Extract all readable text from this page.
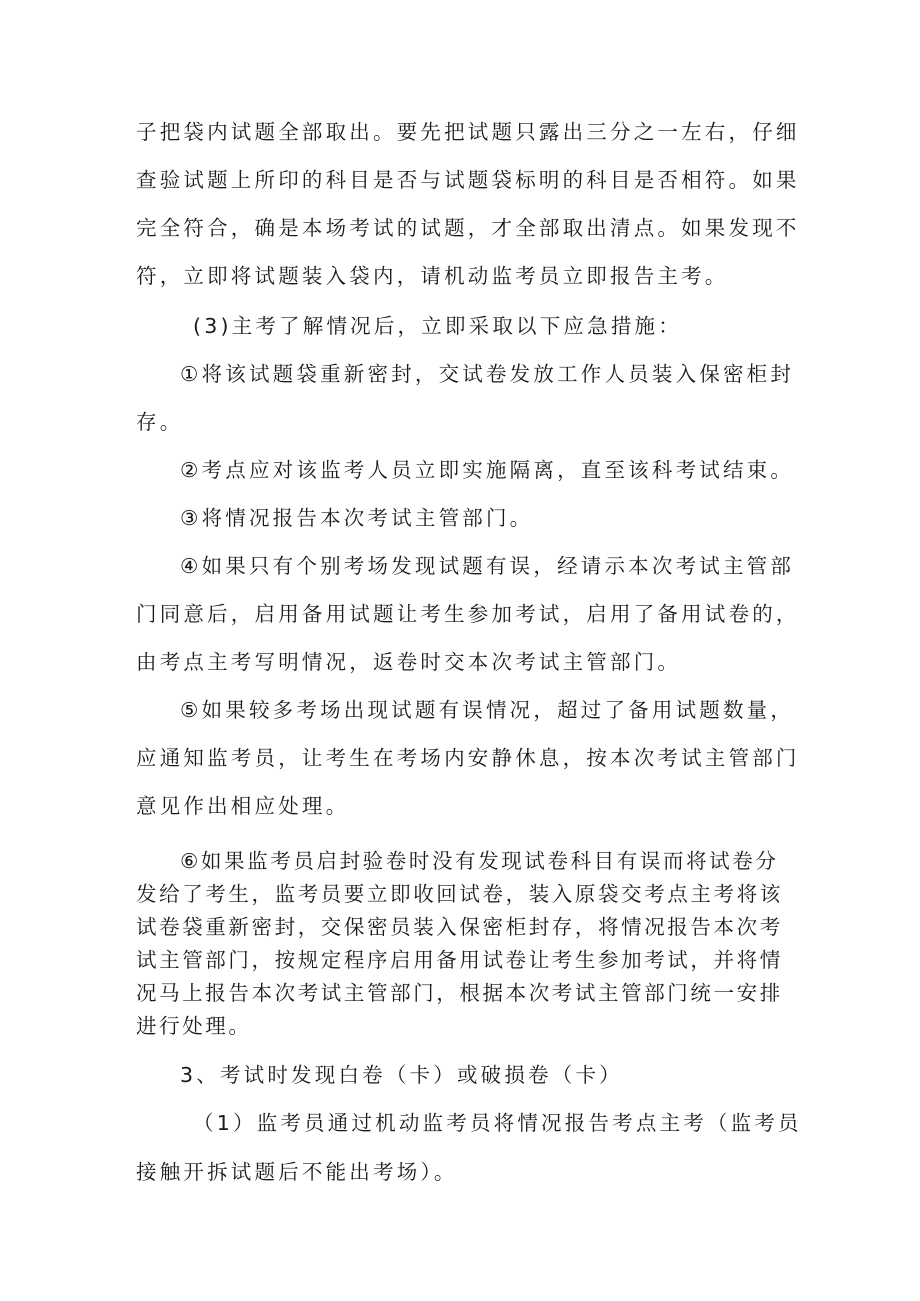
子把袋内试题全部取出。要先把试题只露出三分之一左右，仔细

查验试题上所印的科目是否与试题袋标明的科目是否相符。如果

完全符合，确是本场考试的试题，才全部取出清点。如果发现不

符，立即将试题装入袋内，请机动监考员立即报告主考。

(3)主考了解情况后，立即采取以下应急措施：

①将该试题袋重新密封，交试卷发放工作人员装入保密柜封

存。

②考点应对该监考人员立即实施隔离，直至该科考试结束。

③将情况报告本次考试主管部门。

④如果只有个别考场发现试题有误，经请示本次考试主管部

门同意后，启用备用试题让考生参加考试，启用了备用试卷的，

由考点主考写明情况，返卷时交本次考试主管部门。

⑤如果较多考场出现试题有误情况，超过了备用试题数量，

应通知监考员，让考生在考场内安静休息，按本次考试主管部门

意见作出相应处理。

⑥如果监考员启封验卷时没有发现试卷科目有误而将试卷分

发给了考生，监考员要立即收回试卷，装入原袋交考点主考将该

试卷袋重新密封，交保密员装入保密柜封存，将情况报告本次考

试主管部门，按规定程序启用备用试卷让考生参加考试，并将情

况马上报告本次考试主管部门，根据本次考试主管部门统一安排

进行处理。

3、考试时发现白卷（卡）或破损卷（卡）

（1）监考员通过机动监考员将情况报告考点主考（监考员

接触开拆试题后不能出考场）。
